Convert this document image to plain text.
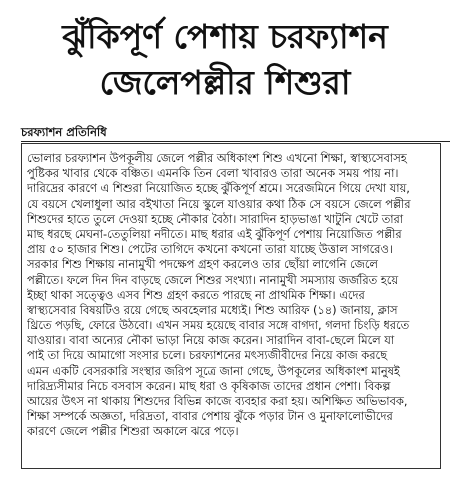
ঝুঁকিপূর্ণ পেশায় চরফ্যাশন
জেলেপল্লীর শিশুরা
চরফ্যাশন প্রতিনিধি
ভোলার চরফ্যাশন উপকূলীয় জেলে পল্লীর অধিকাংশ শিশু এখনো শিক্ষা, স্বাস্থ্যসেবাসহ
পুষ্টিকর খাবার থেকে বঞ্চিত। এমনকি তিন বেলা খাবারও তারা অনেক সময় পায় না।
দারিদ্রের কারণে এ শিশুরা নিয়োজিত হচ্ছে ঝুঁকিপূর্ণ শ্রমে। সরেজমিনে গিয়ে দেখা যায়,
যে বয়সে খেলাধুলা আর বইখাতা নিয়ে স্কুলে যাওয়ার কথা ঠিক সে বয়সে জেলে পল্লীর
শিশুদের হাতে তুলে দেওয়া হচ্ছে নৌকার বৈঠা। সারাদিন হাড়ভাঙা খাটুনি খেটে তারা
মাছ ধরছে মেঘনা-তেতুলিয়া নদীতে। মাছ ধরার এই ঝুঁকিপূর্ণ পেশায় নিয়োজিত পল্লীর
প্রায় ৫০ হাজার শিশু। পেটের তাগিদে কখনো কখনো তারা যাচ্ছে উত্তাল সাগরেও।
সরকার শিশু শিক্ষায় নানামুখী পদক্ষেপ গ্রহণ করলেও তার ছোঁয়া লাগেনি জেলে
পল্লীতে। ফলে দিন দিন বাড়ছে জেলে শিশুর সংখ্যা। নানামুখী সমস্যায় জর্জরিত হয়ে
ইচ্ছা থাকা সত্ত্বেও এসব শিশু গ্রহণ করতে পারছে না প্রাথমিক শিক্ষা। এদের
স্বাস্থ্যসেবার বিষয়টিও রয়ে গেছে অবহেলার মধ্যেই। শিশু আরিফ (১৪) জানায়, ক্লাস
থ্রিতে পড়ছি, ফোরে উঠবো। এখন সময় হয়েছে বাবার সঙ্গে বাগদা, গলদা চিংড়ি ধরতে
যাওয়ার। বাবা অন্যের নৌকা ভাড়া নিয়ে কাজ করেন। সারাদিন বাবা-ছেলে মিলে যা
পাই তা দিয়ে আমাগো সংসার চলে। চরফ্যাশনের মৎস্যজীবীদের নিয়ে কাজ করছে
এমন একটি বেসরকারি সংস্থার জরিপ সূত্রে জানা গেছে, উপকূলের অধিকাংশ মানুষই
দারিদ্র্যসীমার নিচে বসবাস করেন। মাছ ধরা ও কৃষিকাজ তাদের প্রধান পেশা। বিকল্প
আয়ের উৎস না থাকায় শিশুদের বিভিন্ন কাজে ব্যবহার করা হয়। অশিক্ষিত অভিভাবক,
শিক্ষা সম্পর্কে অজ্ঞতা, দরিদ্রতা, বাবার পেশায় ঝুঁকে পড়ার টান ও মুনাফালোভীদের
কারণে জেলে পল্লীর শিশুরা অকালে ঝরে পড়ে।
